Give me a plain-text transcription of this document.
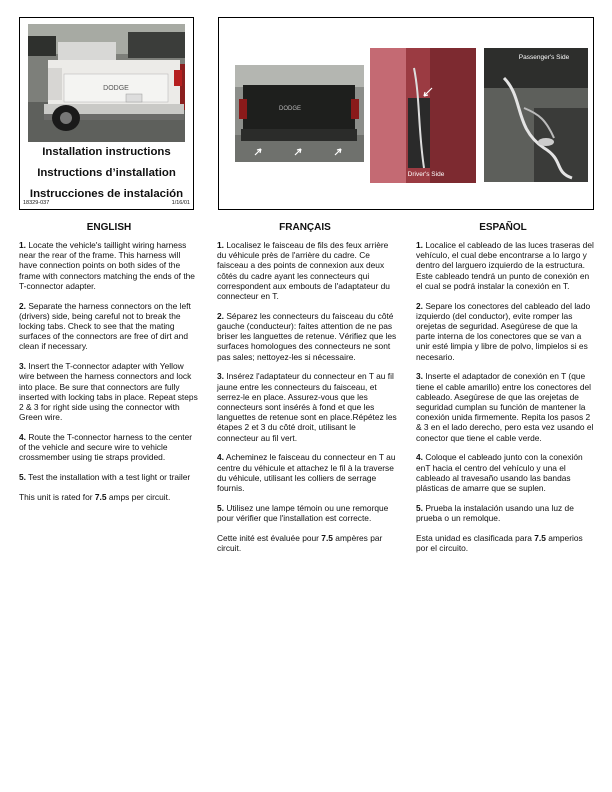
DODGE
Installation instructions
Instructions d’installation
Instrucciones de instalación
18329-037	1/16/01
DODGE
Driver's Side
Passenger's Side
ENGLISH

1. Locate the vehicle's taillight wiring harness near the rear of the frame. This harness will have connection points on both sides of the frame with connectors matching the ends of the T-connector adapter.

2. Separate the harness connectors on the left (drivers) side, being careful not to break the locking tabs. Check to see that the mating surfaces of the connectors are free of dirt and clean if necessary.

3. Insert the T-connector adapter with Yellow wire between the harness connectors and lock into place. Be sure that connectors are fully inserted with locking tabs in place. Repeat steps 2 & 3 for right side using the connector with Green wire.

4. Route the T-connector harness to the center of the vehicle and secure wire to vehicle crossmember using tie straps provided.

5. Test the installation with a test light or trailer

This unit is rated for 7.5 amps per circuit.

FRANÇAIS

1. Localisez le faisceau de fils des feux arrière du véhicule près de l'arrière du cadre. Ce faisceau a des points de connexion aux deux côtés du cadre ayant les connecteurs qui correspondent aux embouts de l'adaptateur du connecteur en T.

2. Séparez les connecteurs du faisceau du côté gauche (conducteur): faites attention de ne pas briser les languettes de retenue. Vérifiez que les surfaces homologues des connecteurs ne sont pas sales; nettoyez-les si nécessaire.

3. Insérez l'adaptateur du connecteur en T au fil jaune entre les connecteurs du faisceau, et serrez-le en place. Assurez-vous que les connecteurs sont insérés à fond et que les languettes de retenue sont en place.Répétez les étapes 2 et 3 du côté droit, utilisant le connecteur au fil vert.

4. Acheminez le faisceau du connecteur en T au centre du véhicule et attachez le fil à la traverse du véhicule, utilisant les colliers de serrage fournis.

5. Utilisez une lampe témoin ou une remorque pour vérifier que l'installation est correcte.

Cette inité est évaluée pour 7.5 ampères par circuit.

ESPAÑOL

1. Localice el cableado de las luces traseras del vehículo, el cual debe encontrarse a lo largo y dentro del larguero izquierdo de la estructura. Este cableado tendrá un punto de conexión en el cual se podrá instalar la conexión en T.

2. Separe los conectores del cableado del lado izquierdo (del conductor), evite romper las orejetas de seguridad. Asegúrese de que la parte interna de los conectores que se van a unir esté limpia y libre de polvo, limpielos si es necesario.

3. Inserte el adaptador de conexión en T (que tiene el cable amarillo) entre los conectores del cableado. Asegúrese de que las orejetas de seguridad cumplan su función de mantener la conexión unida firmemente. Repita los pasos 2 & 3 en el lado derecho, pero esta vez usando el conector que tiene el cable verde.

4. Coloque el cableado junto con la conexión enT hacia el centro del vehículo y una el cableado al travesaño usando las bandas plásticas de amarre que se suplen.

5. Prueba la instalación usando una luz de prueba o un remolque.

Esta unidad es clasificada para 7.5 amperios por el circuito.
